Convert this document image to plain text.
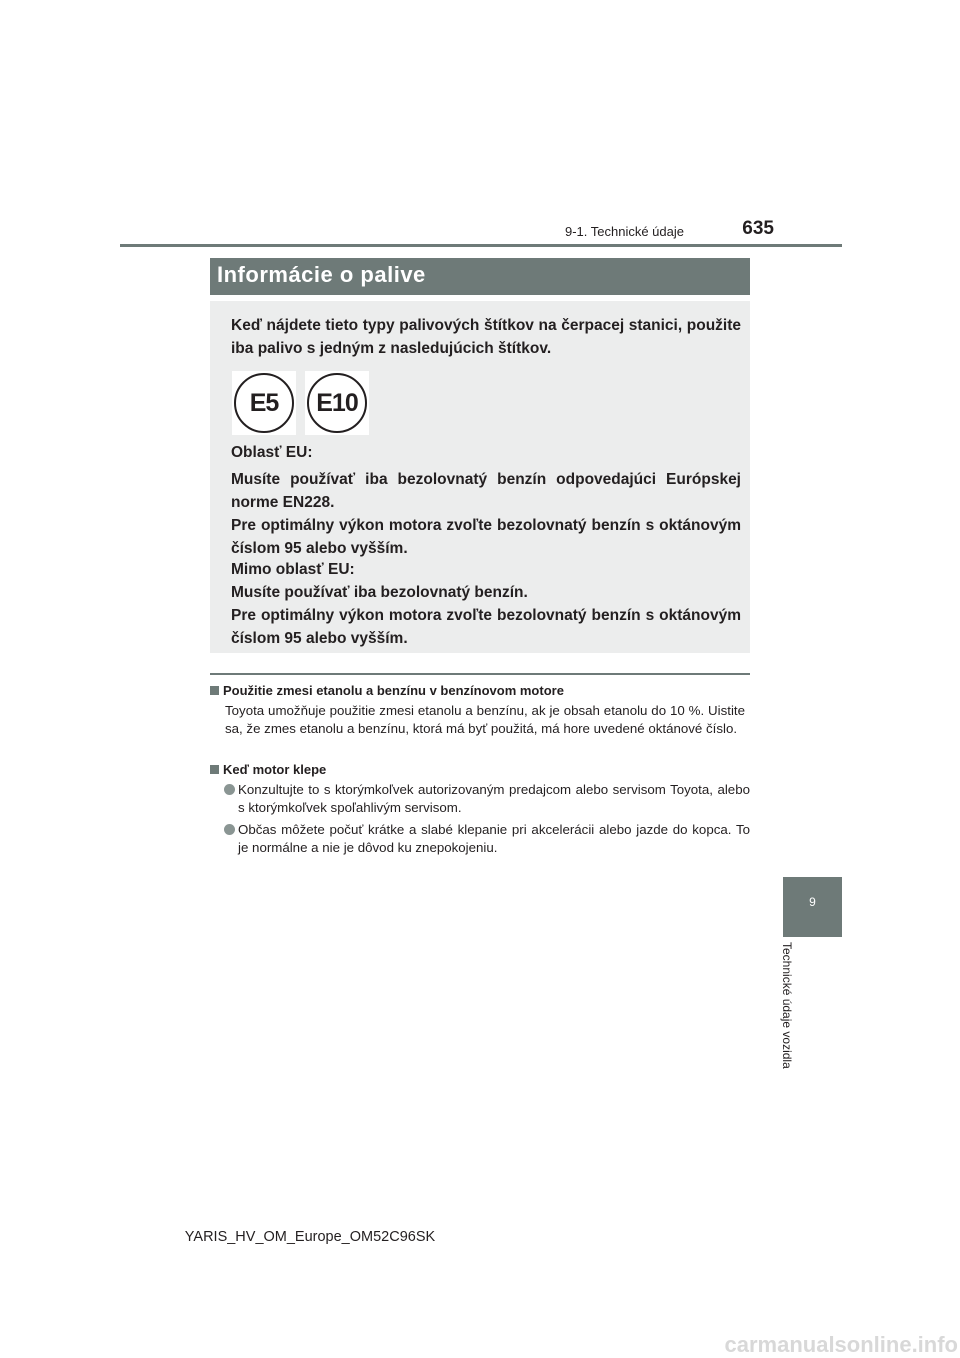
9-1. Technické údaje	635
9
Technické údaje vozidla
Informácie o palive
Keď nájdete tieto typy palivových štítkov na čerpacej stanici, použite iba palivo s jedným z nasledujúcich štítkov.
E5	E10
Oblasť EU:
Musíte používať iba bezolovnatý benzín odpovedajúci Európskej norme EN228.
Pre optimálny výkon motora zvoľte bezolovnatý benzín s oktánovým číslom 95 alebo vyšším.
Mimo oblasť EU:
Musíte používať iba bezolovnatý benzín.
Pre optimálny výkon motora zvoľte bezolovnatý benzín s oktánovým číslom 95 alebo vyšším.
Použitie zmesi etanolu a benzínu v benzínovom motore
Toyota umožňuje použitie zmesi etanolu a benzínu, ak je obsah etanolu do 10 %. Uistite sa, že zmes etanolu a benzínu, ktorá má byť použitá, má hore uvedené oktánové číslo.
Keď motor klepe
Konzultujte to s ktorýmkoľvek autorizovaným predajcom alebo servisom Toyota, alebo s ktorýmkoľvek spoľahlivým servisom.
Občas môžete počuť krátke a slabé klepanie pri akcelerácii alebo jazde do kopca. To je normálne a nie je dôvod ku znepokojeniu.
YARIS_HV_OM_Europe_OM52C96SK
carmanualsonline.info
